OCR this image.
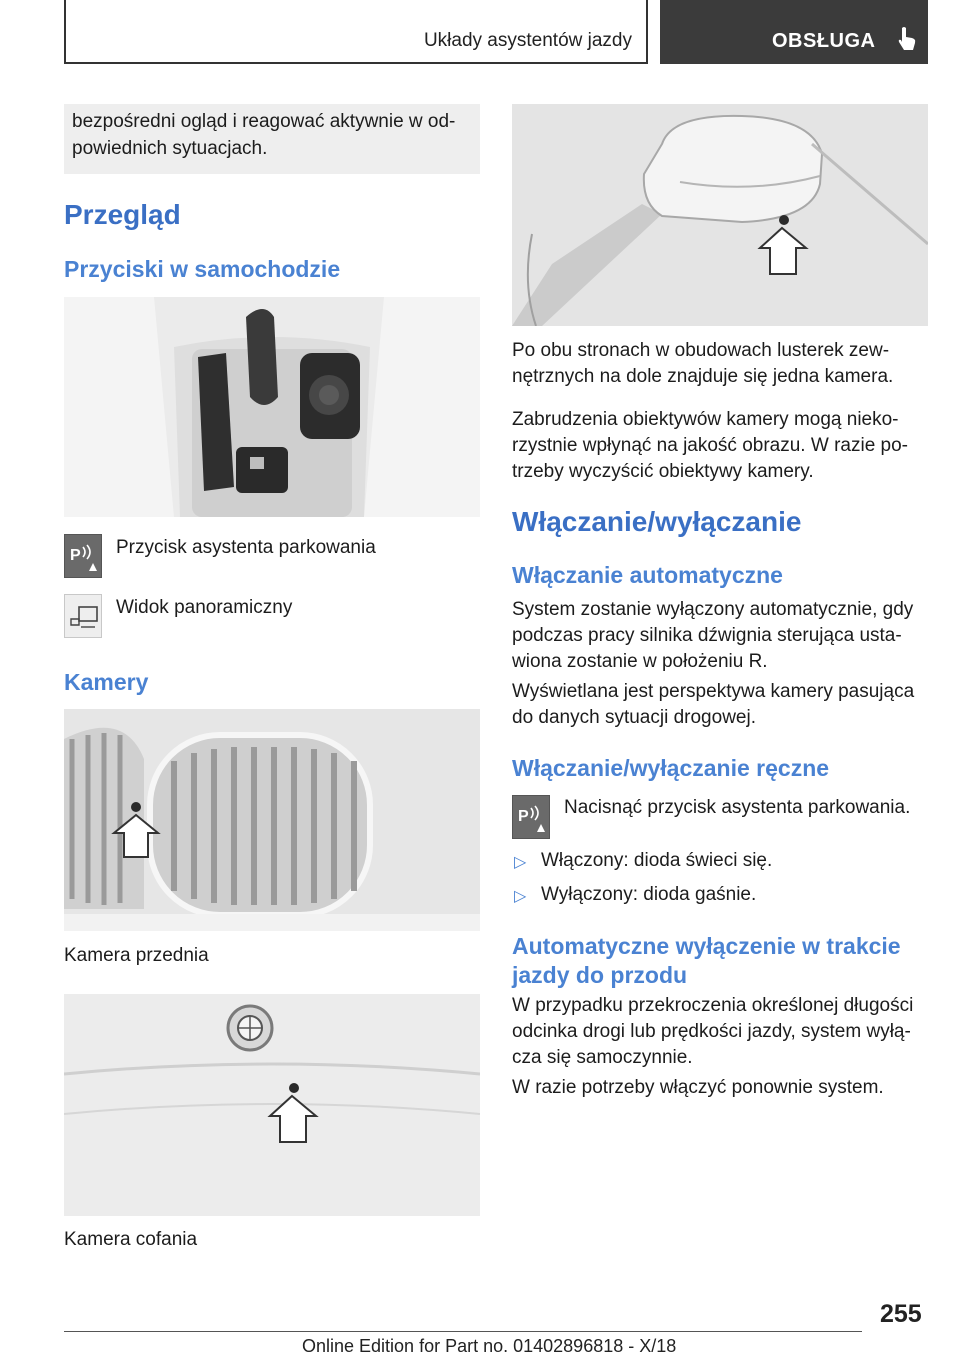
Układy asystentów jazdy	OBSŁUGA

bezpośredni ogląd i reagować aktywnie w od-

powiednich sytuacjach.

Przegląd
Przyciski w samochodzie
P Przycisk asystenta parkowania
Widok panoramiczny
Kamery
Kamera przednia
Kamera cofania

Po obu stronach w obudowach lusterek zew-

nętrznych na dole znajduje się jedna kamera.

Zabrudzenia obiektywów kamery mogą nieko-

rzystnie wpłynąć na jakość obrazu. W razie po-

trzeby wyczyścić obiektywy kamery.

Włączanie/wyłączanie
Włączanie automatyczne

System zostanie wyłączony automatycznie, gdy

podczas pracy silnika dźwignia sterująca usta-

wiona zostanie w położeniu R.

Wyświetlana jest perspektywa kamery pasująca

do danych sytuacji drogowej.

Włączanie/wyłączanie ręczne
P Nacisnąć przycisk asystenta parkowania.
▷ Włączony: dioda świeci się.
▷ Wyłączony: dioda gaśnie.
Automatyczne wyłączenie w trakcie
jazdy do przodu

W przypadku przekroczenia określonej długości

odcinka drogi lub prędkości jazdy, system wyłą-

cza się samoczynnie.

W razie potrzeby włączyć ponownie system.
255
Online Edition for Part no. 01402896818 - X/18
